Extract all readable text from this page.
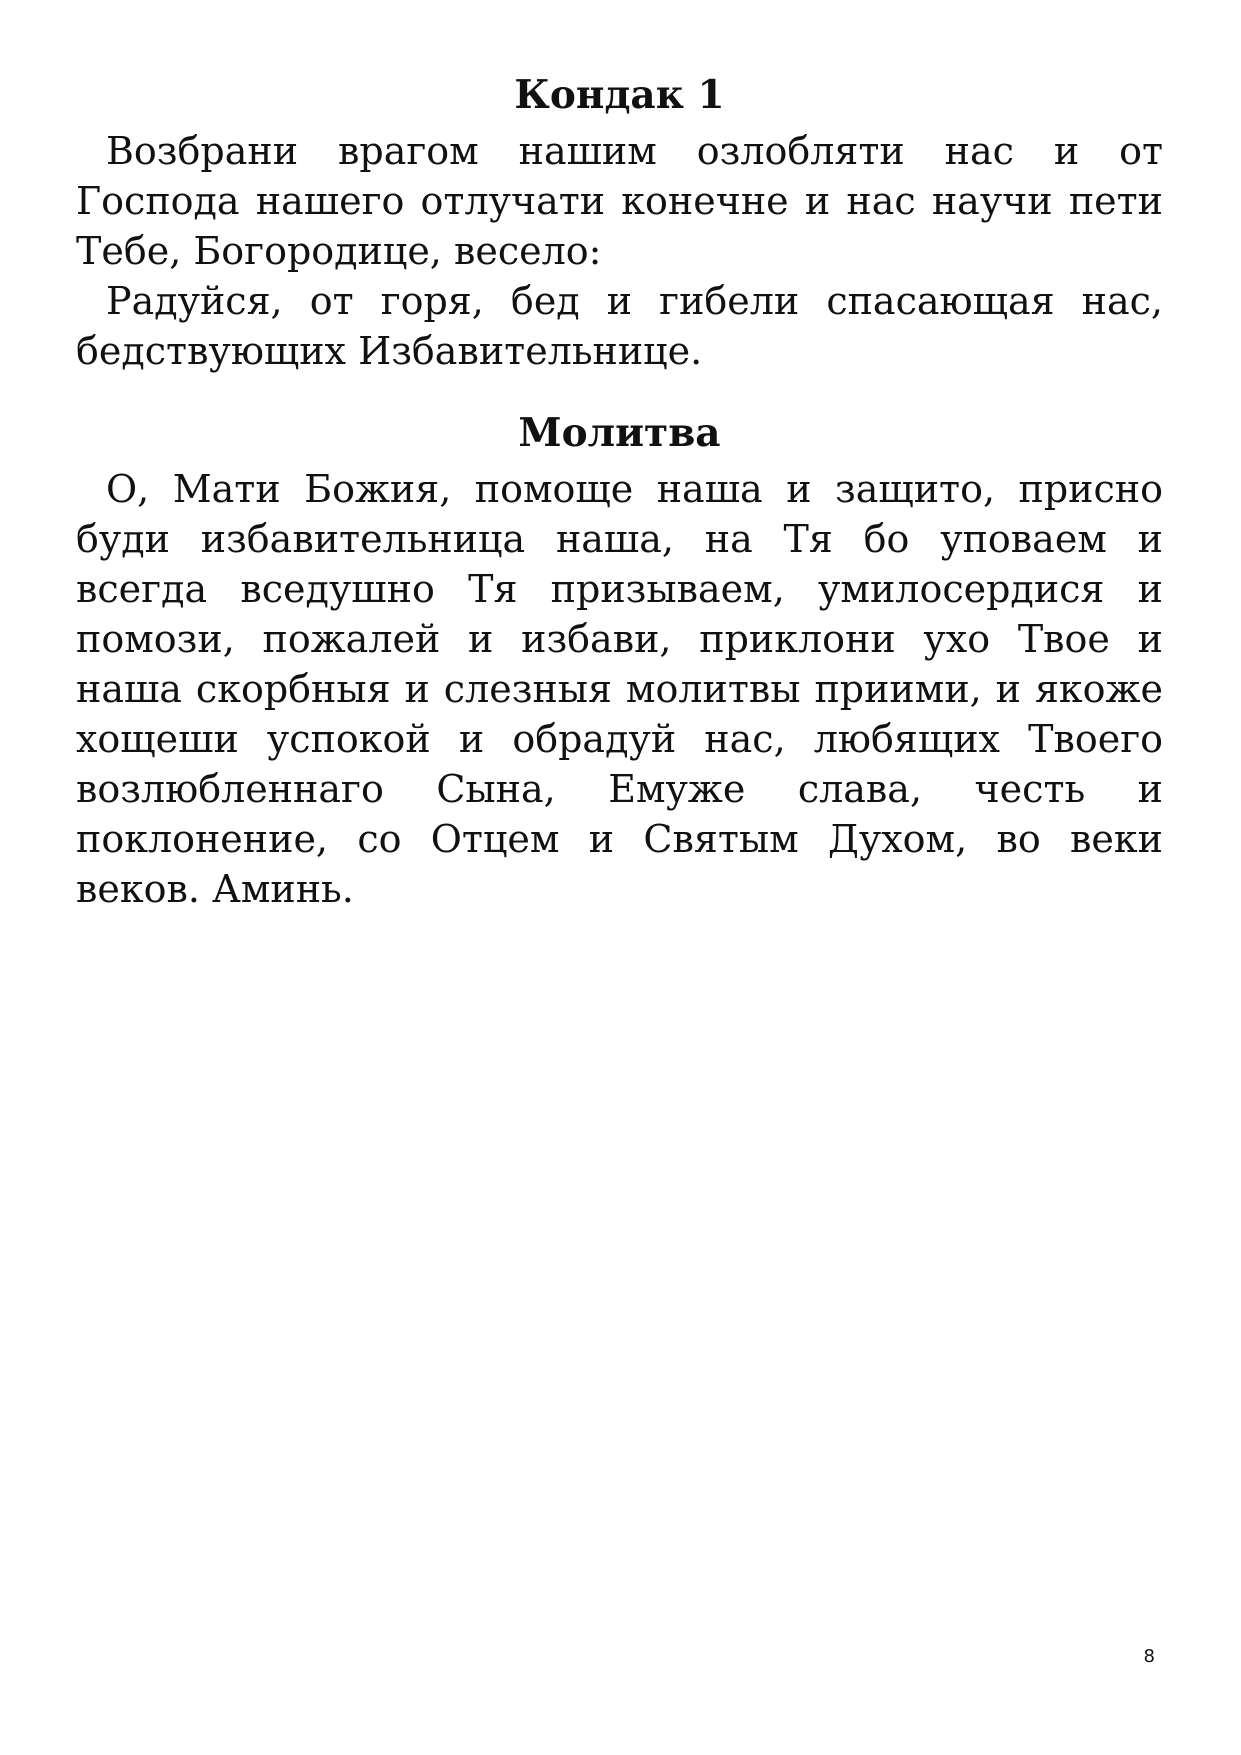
Кондак 1

Возбрани врагом нашим озлобляти нас и от Господа нашего отлучати конечне и нас научи пети Тебе, Богородице, весело:

Радуйся, от горя, бед и гибели спасающая нас, бедствующих Избавительнице.

Молитва

О, Мати Божия, помоще наша и защито, присно буди избавительница наша, на Тя бо уповаем и всегда вседушно Тя призываем, умилосердися и помози, пожалей и избави, приклони ухо Твое и наша скорбныя и слезныя молитвы приими, и якоже хощеши успокой и обрадуй нас, любящих Твоего возлюбленнаго Сына, Емуже слава, честь и поклонение, со Отцем и Святым Духом, во веки веков. Аминь.

8
